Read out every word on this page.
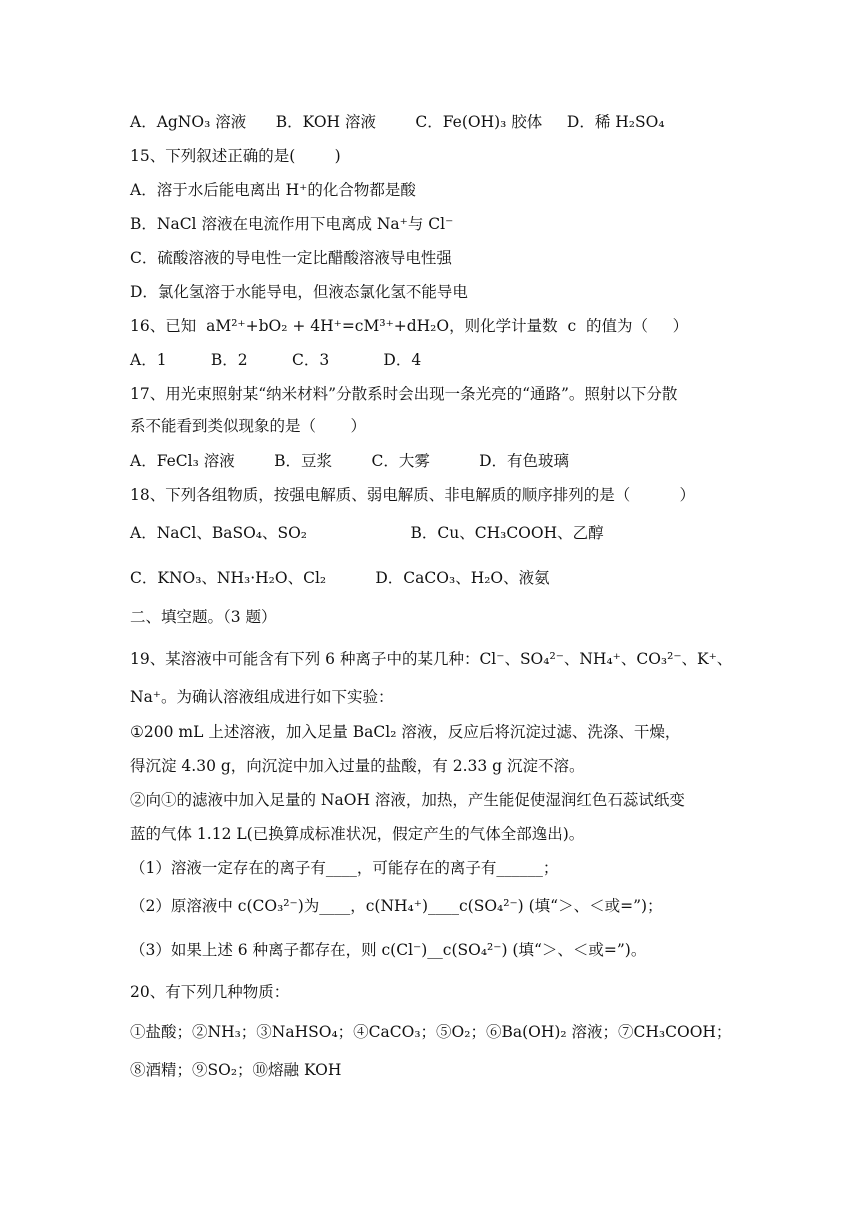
A．AgNO₃ 溶液      B．KOH 溶液        C．Fe(OH)₃ 胶体     D．稀 H₂SO₄
15、下列叙述正确的是(        )
A．溶于水后能电离出 H⁺的化合物都是酸
B．NaCl 溶液在电流作用下电离成 Na⁺与 Cl⁻
C．硫酸溶液的导电性一定比醋酸溶液导电性强
D．氯化氢溶于水能导电，但液态氯化氢不能导电
16、已知  aM²⁺+bO₂ + 4H⁺=cM³⁺+dH₂O，则化学计量数  c  的值为（     ）
A．1         B．2         C．3           D．4
17、用光束照射某“纳米材料”分散系时会出现一条光亮的“通路”。照射以下分散
系不能看到类似现象的是（       ）
A．FeCl₃ 溶液        B．豆浆        C．大雾          D．有色玻璃
18、下列各组物质，按强电解质、弱电解质、非电解质的顺序排列的是（          ）
A．NaCl、BaSO₄、SO₂                     B．Cu、CH₃COOH、乙醇
C．KNO₃、NH₃·H₂O、Cl₂          D．CaCO₃、H₂O、液氨
二、填空题。（3 题）
19、某溶液中可能含有下列 6 种离子中的某几种：Cl⁻、SO₄²⁻、NH₄⁺、CO₃²⁻、K⁺、
Na⁺。为确认溶液组成进行如下实验：
①200 mL 上述溶液，加入足量 BaCl₂ 溶液，反应后将沉淀过滤、洗涤、干燥，
得沉淀 4.30 g，向沉淀中加入过量的盐酸，有 2.33 g 沉淀不溶。
②向①的滤液中加入足量的 NaOH 溶液，加热，产生能促使湿润红色石蕊试纸变
蓝的气体 1.12 L(已换算成标准状况，假定产生的气体全部逸出)。
（1）溶液一定存在的离子有____，可能存在的离子有______；
（2）原溶液中 c(CO₃²⁻)为____，c(NH₄⁺)____c(SO₄²⁻) (填“＞、＜或=”)；
（3）如果上述 6 种离子都存在，则 c(Cl⁻)__c(SO₄²⁻) (填“＞、＜或=”)。
20、有下列几种物质：
①盐酸；②NH₃；③NaHSO₄；④CaCO₃；⑤O₂；⑥Ba(OH)₂ 溶液；⑦CH₃COOH；
⑧酒精；⑨SO₂；⑩熔融 KOH
